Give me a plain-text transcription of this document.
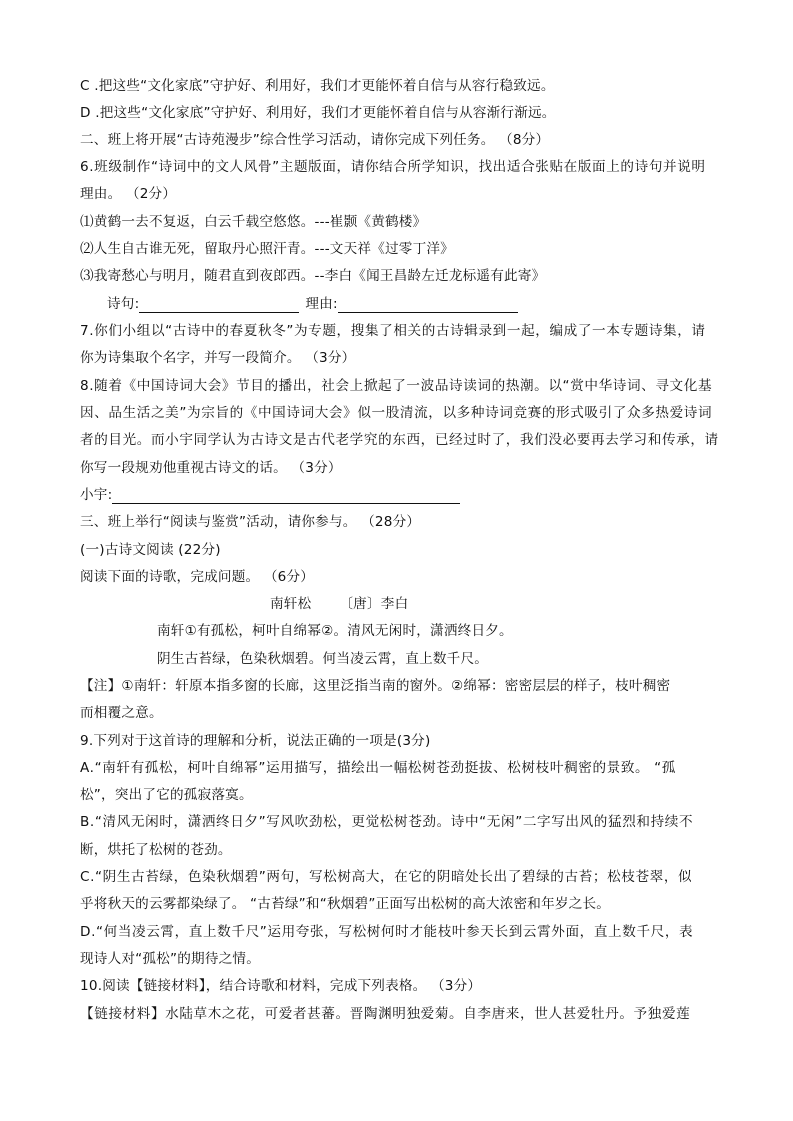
C .把这些“文化家底”守护好、利用好，我们才更能怀着自信与从容行稳致远。
D .把这些“文化家底”守护好、利用好，我们才更能怀着自信与从容渐行渐远。
二、班上将开展“古诗苑漫步”综合性学习活动，请你完成下列任务。 （8分）
6.班级制作“诗词中的文人风骨”主题版面，请你结合所学知识，找出适合张贴在版面上的诗句并说明
理由。 （2分）
⑴黄鹤一去不复返，白云千载空悠悠。---崔颢《黄鹤楼》
⑵人生自古谁无死，留取丹心照汗青。---文天祥《过零丁洋》
⑶我寄愁心与明月，随君直到夜郎西。--李白《闻王昌龄左迁龙标遥有此寄》
诗句:	理由:
7.你们小组以“古诗中的春夏秋冬”为专题，搜集了相关的古诗辑录到一起，编成了一本专题诗集，请
你为诗集取个名字，并写一段简介。 （3分）
8.随着《中国诗词大会》节目的播出，社会上掀起了一波品诗读词的热潮。以“赏中华诗词、寻文化基
因、品生活之美”为宗旨的《中国诗词大会》似一股清流，以多种诗词竞赛的形式吸引了众多热爱诗词
者的目光。而小宇同学认为古诗文是古代老学究的东西，已经过时了，我们没必要再去学习和传承，请
你写一段规劝他重视古诗文的话。 （3分）
小宇:
三、班上举行“阅读与鉴赏”活动，请你参与。 （28分）
(一)古诗文阅读 (22分)
阅读下面的诗歌，完成问题。 （6分）
南轩松 〔唐〕李白
南轩①有孤松，柯叶自绵幂②。清风无闲时，潇洒终日夕。
阴生古苔绿，色染秋烟碧。何当凌云霄，直上数千尺。
【注】①南轩：轩原本指多窗的长廊，这里泛指当南的窗外。②绵幂：密密层层的样子，枝叶稠密
而相覆之意。
9.下列对于这首诗的理解和分析，说法正确的一项是(3分)
A.“南轩有孤松，柯叶自绵幂”运用描写，描绘出一幅松树苍劲挺拔、松树枝叶稠密的景致。 “孤
松”，突出了它的孤寂落寞。
B.“清风无闲时，潇洒终日夕”写风吹劲松，更觉松树苍劲。诗中“无闲”二字写出风的猛烈和持续不
断，烘托了松树的苍劲。
C.“阴生古苔绿，色染秋烟碧”两句，写松树高大，在它的阴暗处长出了碧绿的古苔；松枝苍翠，似
乎将秋天的云雾都染绿了。 “古苔绿”和“秋烟碧”正面写出松树的高大浓密和年岁之长。
D.“何当凌云霄，直上数千尺”运用夸张，写松树何时才能枝叶参天长到云霄外面，直上数千尺，表
现诗人对“孤松”的期待之情。
10.阅读【链接材料】，结合诗歌和材料，完成下列表格。 （3分）
【链接材料】水陆草木之花，可爱者甚蕃。晋陶渊明独爱菊。自李唐来，世人甚爱牡丹。予独爱莲
